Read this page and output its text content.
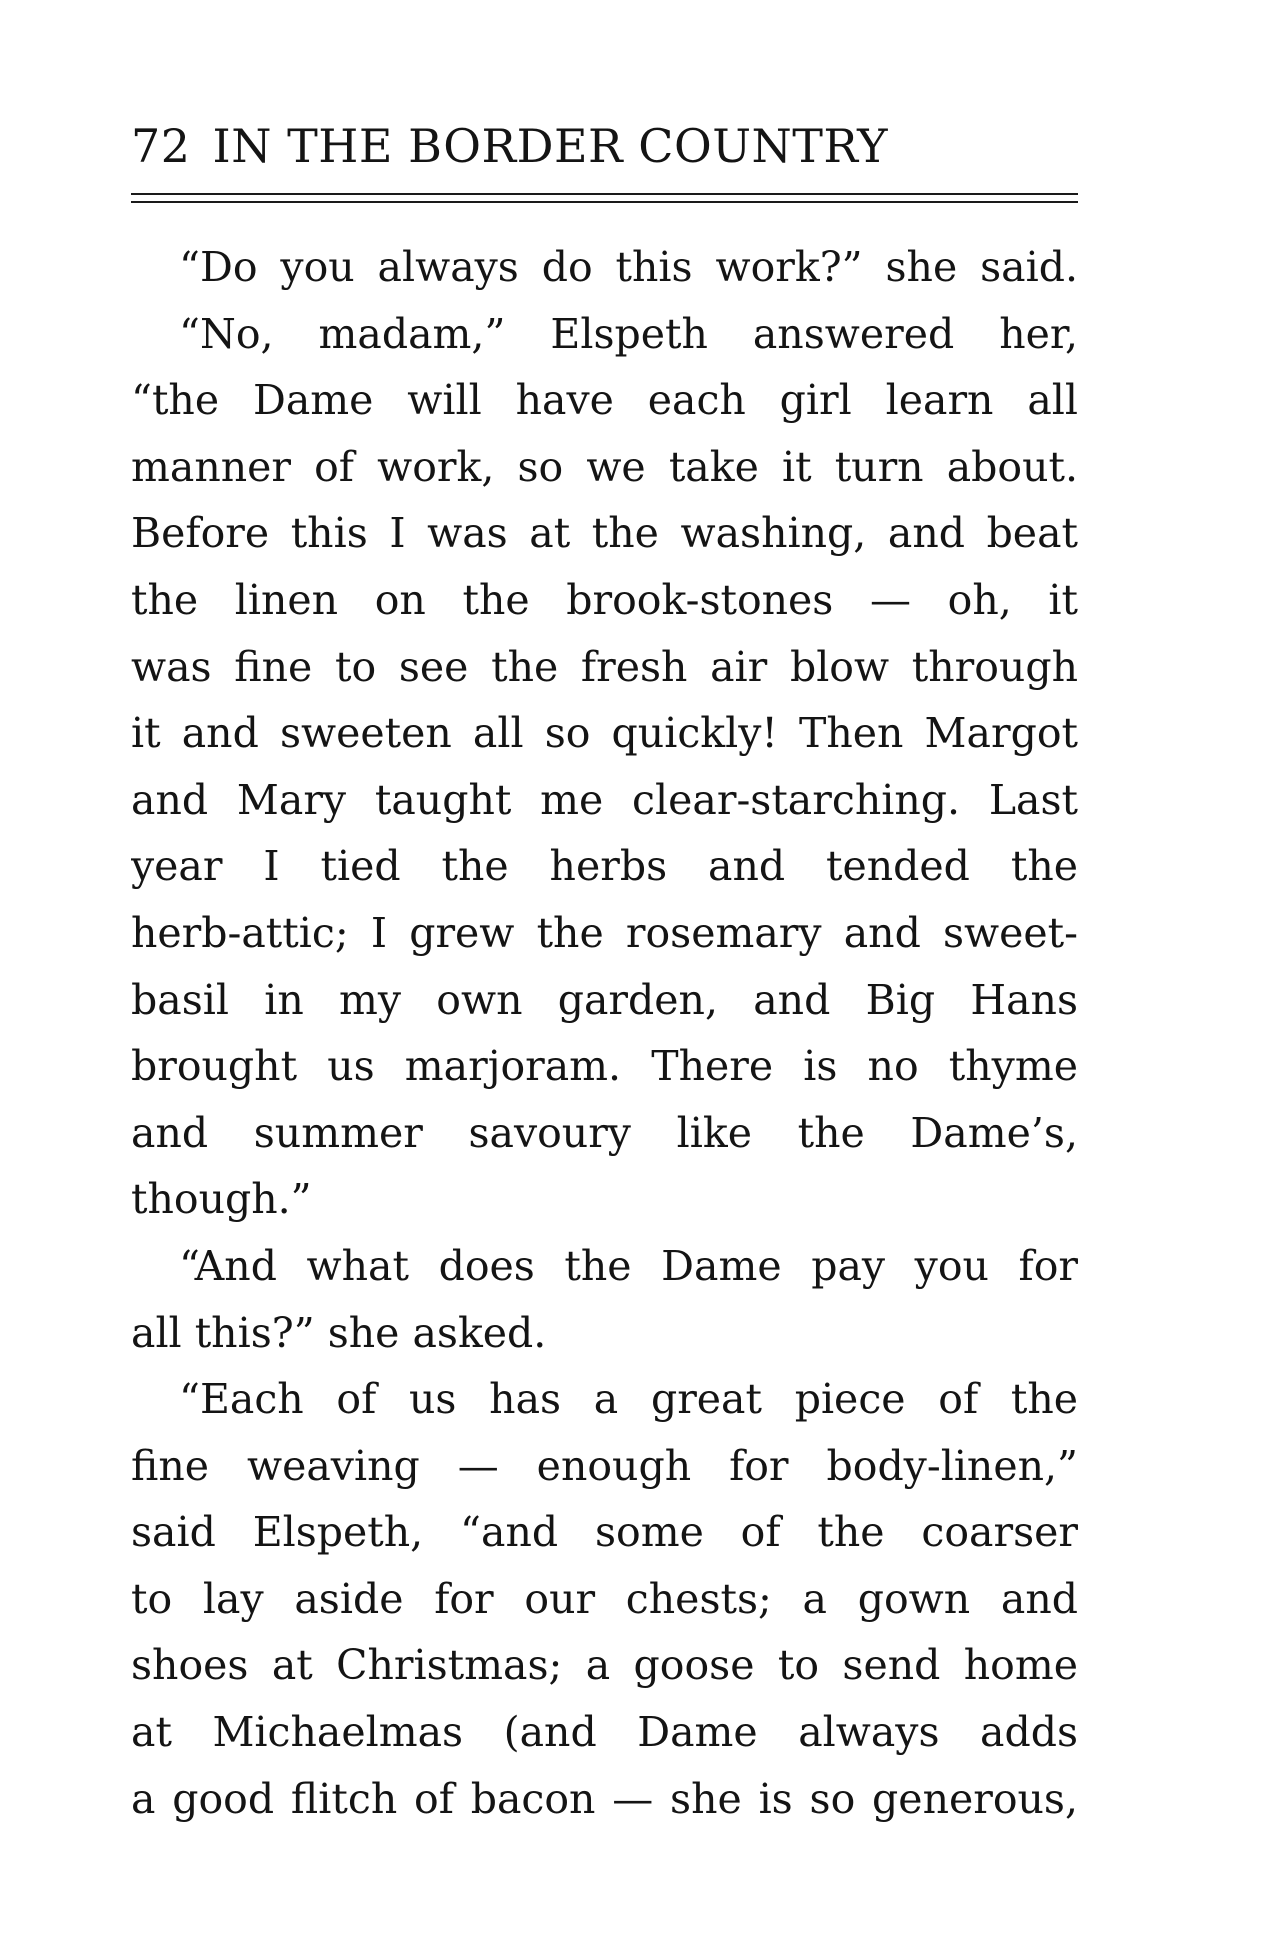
72 IN THE BORDER COUNTRY
“Do you always do this work?” she said.
“No, madam,” Elspeth answered her,
“the Dame will have each girl learn all
manner of work, so we take it turn about.
Before this I was at the washing, and beat
the linen on the brook-stones — oh, it
was fine to see the fresh air blow through
it and sweeten all so quickly! Then Margot
and Mary taught me clear-starching. Last
year I tied the herbs and tended the
herb-attic; I grew the rosemary and sweet-
basil in my own garden, and Big Hans
brought us marjoram. There is no thyme
and summer savoury like the Dame’s,
though.”
“And what does the Dame pay you for
all this?” she asked.
“Each of us has a great piece of the
fine weaving — enough for body-linen,”
said Elspeth, “and some of the coarser
to lay aside for our chests; a gown and
shoes at Christmas; a goose to send home
at Michaelmas (and Dame always adds
a good flitch of bacon — she is so generous,
